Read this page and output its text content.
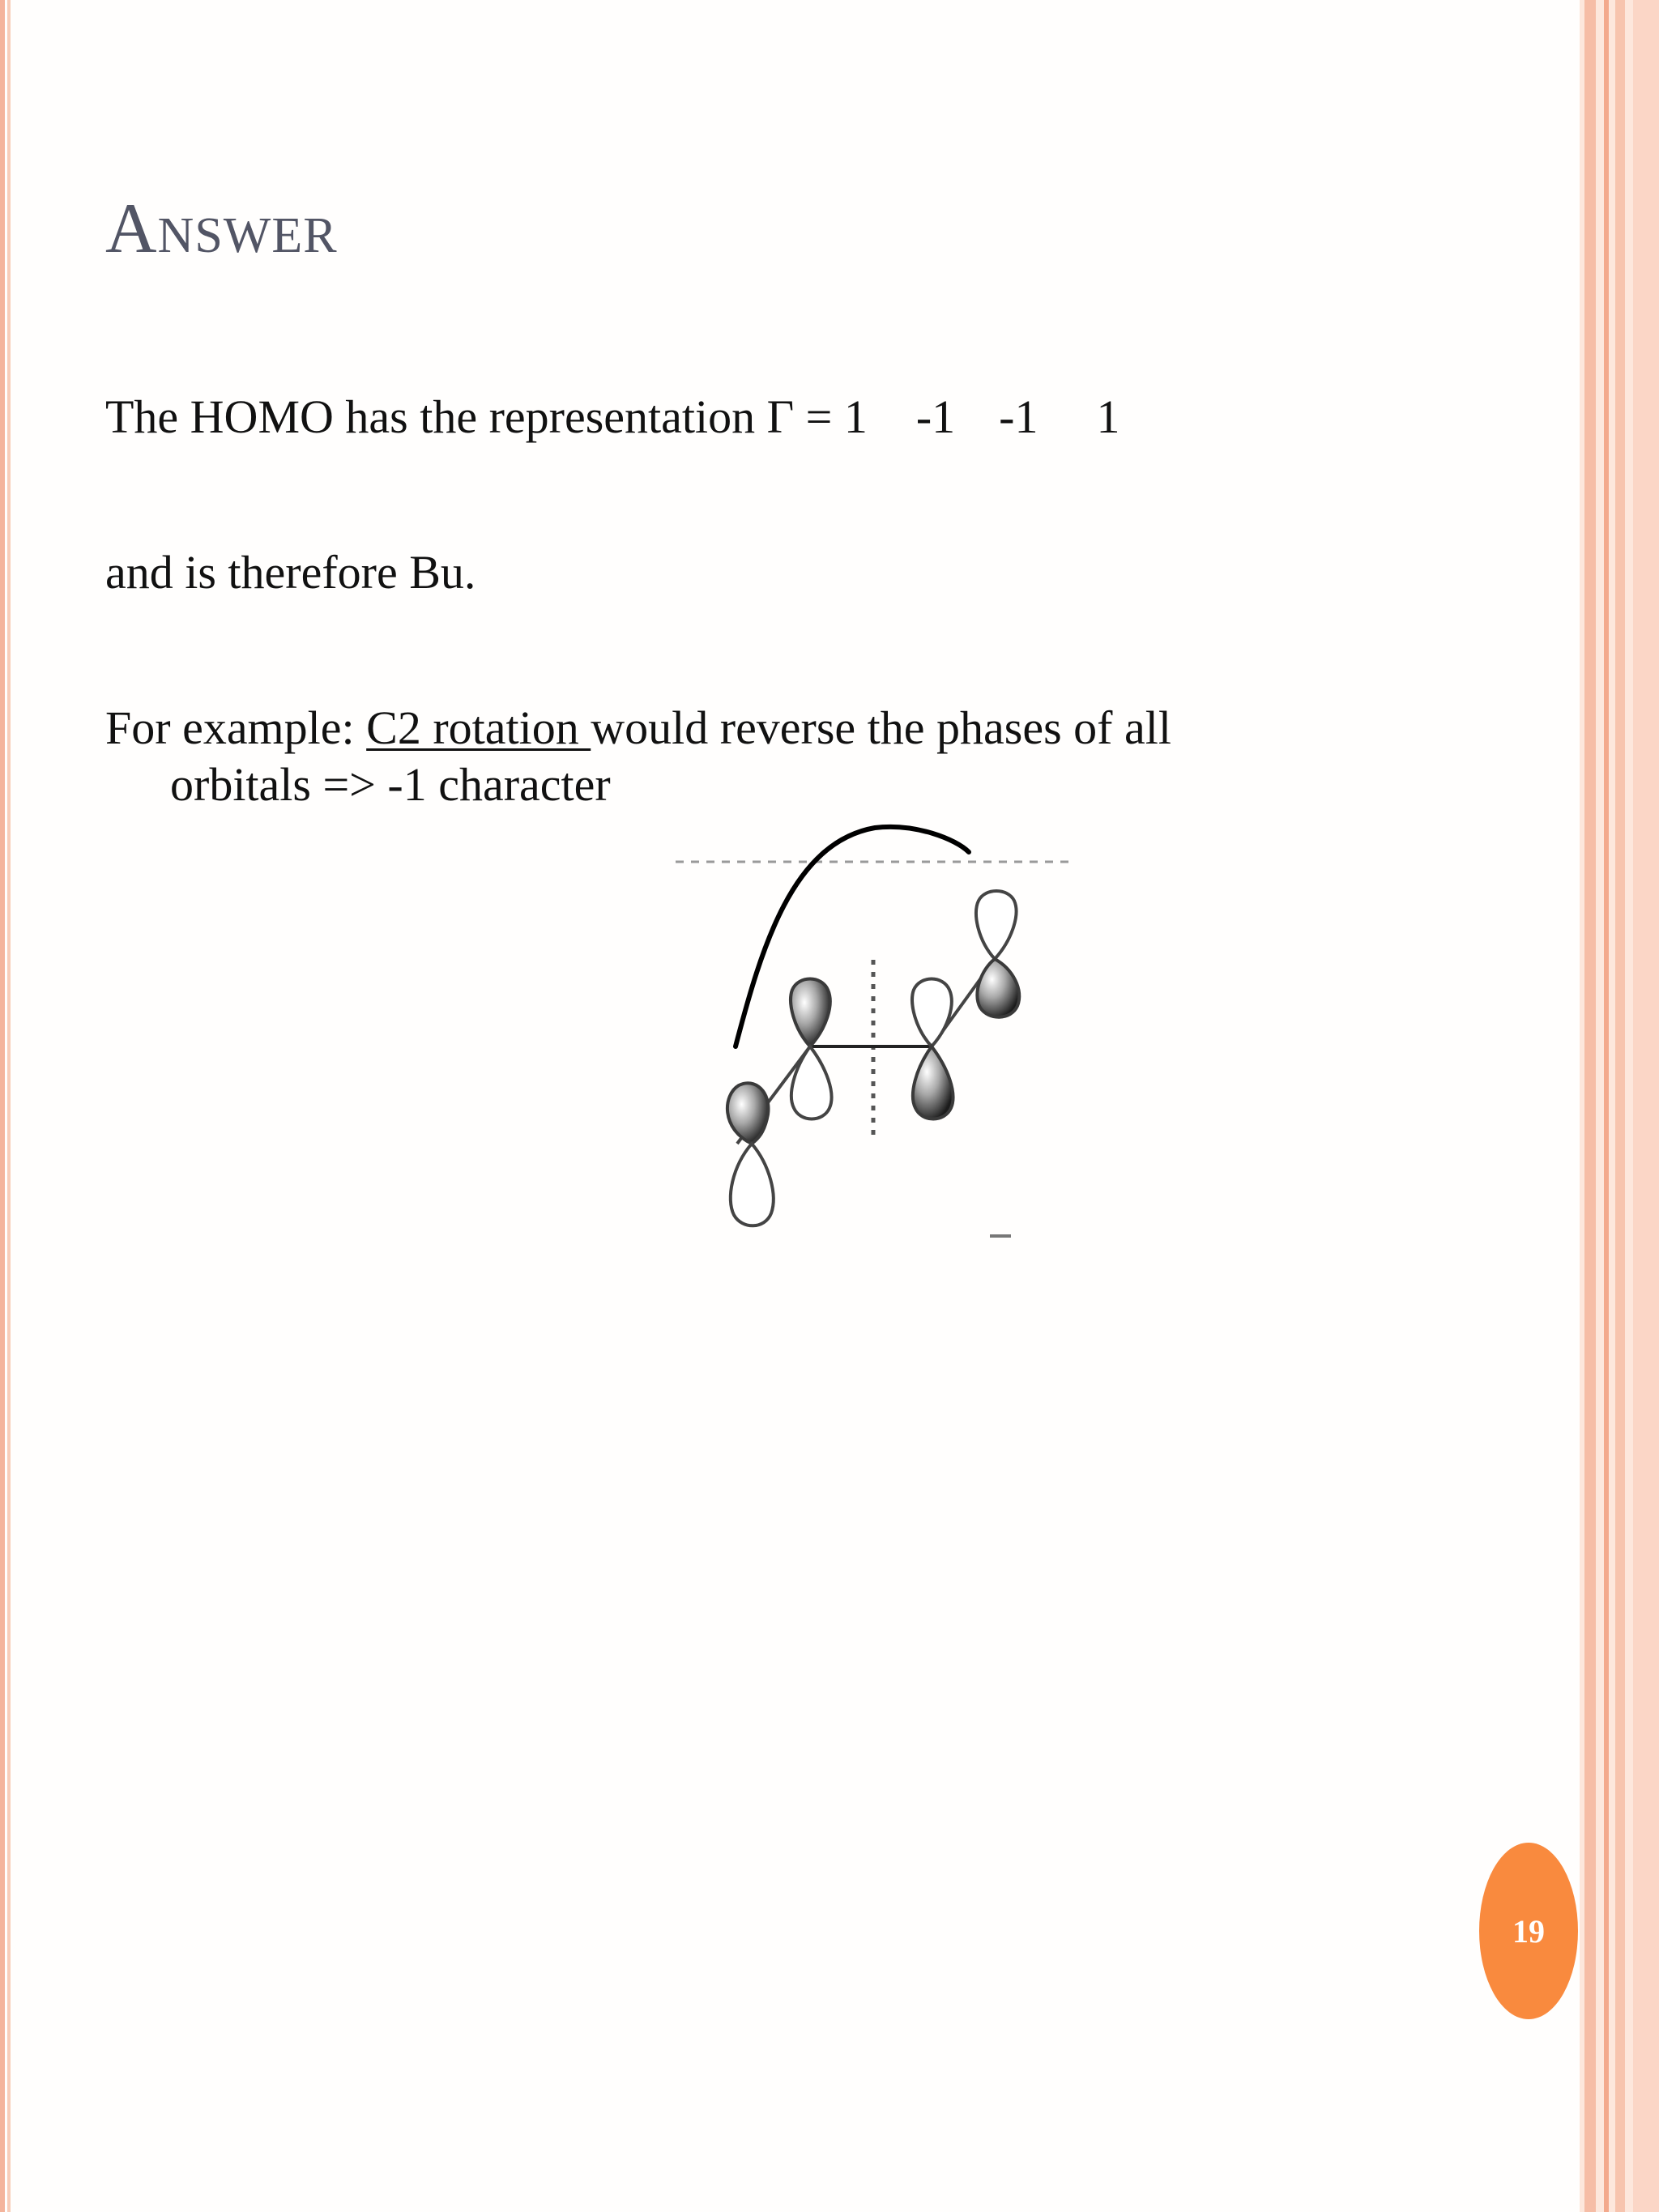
Answer
The HOMO has the representation Γ = 1 -1 -1 1
and is therefore Bu.
For example: C2 rotation would reverse the phases of all
orbitals => -1 character
19
